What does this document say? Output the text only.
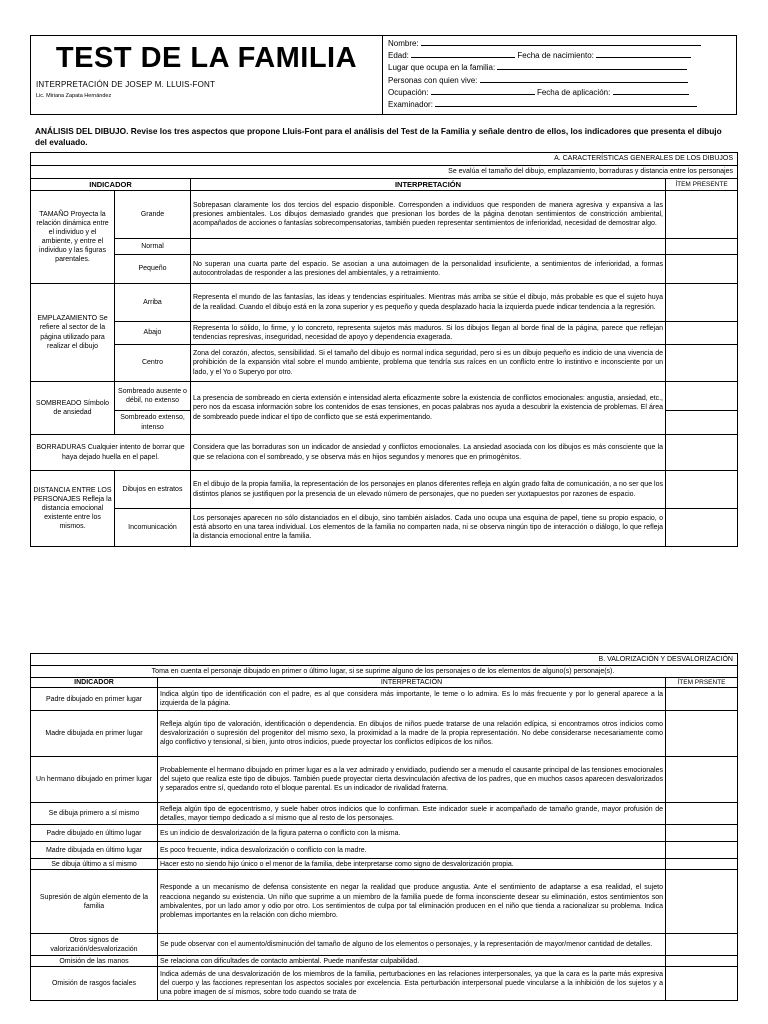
TEST DE LA FAMILIA
INTERPRETACIÓN DE JOSEP M. LLUIS-FONT
Lic. Miriana Zapata Hernández
Nombre:
Edad:	Fecha de nacimiento:
Lugar que ocupa en la familia:
Personas con quien vive:
Ocupación:	Fecha de aplicación:
Examinador:
ANÁLISIS DEL DIBUJO. Revise los tres aspectos que propone Lluis-Font para el análisis del Test de la Familia y señale dentro de ellos, los indicadores que presenta el dibujo del evaluado.
A. CARACTERÍSTICAS GENERALES DE LOS DIBUJOS			
Se evalúa el tamaño del dibujo, emplazamiento, borraduras y distancia entre los personajes			
INDICADOR		INTERPRETACIÓN	ÍTEM PRESENTE
TAMAÑO Proyecta la relación dinámica entre el individuo y el ambiente, y entre el individuo y las figuras parentales.	Grande	Sobrepasan claramente los dos tercios del espacio disponible. Corresponden a individuos que responden de manera agresiva y expansiva a las presiones ambientales. Los dibujos demasiado grandes que presionan los bordes de la página denotan sentimientos de constricción ambiental, acompañados de acciones o fantasías sobrecompensatorias, también pueden representar sentimientos de inferioridad, necesidad de demostrar algo.	
	Normal		
	Pequeño	No superan una cuarta parte del espacio. Se asocian a una autoimagen de la personalidad insuficiente, a sentimientos de inferioridad, a formas autocontroladas de responder a las presiones del ambientales, y a retraimiento.	
EMPLAZAMIENTO Se refiere al sector de la página utilizado para realizar el dibujo	Arriba	Representa el mundo de las fantasías, las ideas y tendencias espirituales. Mientras más arriba se sitúe el dibujo, más probable es que el sujeto huya de la realidad. Cuando el dibujo está en la zona superior y es pequeño y queda desplazado hacia la izquierda puede indicar tendencia a la regresión.	
	Abajo	Representa lo sólido, lo firme, y lo concreto, representa sujetos más maduros. Si los dibujos llegan al borde final de la página, parece que reflejan tendencias represivas, inseguridad, necesidad de apoyo y dependencia exagerada.	
	Centro	Zona del corazón, afectos, sensibilidad. Si el tamaño del dibujo es normal indica seguridad, pero si es un dibujo pequeño es indicio de una vivencia de prohibición de la expansión vital sobre el mundo ambiente, problema que tendría sus raíces en un conflicto entre lo instintivo e inconsciente por un lado, y el Yo o Superyo por otro.	
SOMBREADO Símbolo de ansiedad	Sombreado ausente o débil, no extenso	La presencia de sombreado en cierta extensión e intensidad alerta eficazmente sobre la existencia de conflictos emocionales: angustia, ansiedad, etc., pero nos da escasa información sobre los contenidos de esas tensiones, en pocas palabras nos ayuda a descubrir la existencia de problemas. El área de sombreado puede indicar el tipo de conflicto que se está experimentando.	
	Sombreado extenso, intenso		
BORRADURAS Cualquier intento de borrar que haya dejado huella en el papel.		Considera que las borraduras son un indicador de ansiedad y conflictos emocionales. La ansiedad asociada con los dibujos es más consciente que la que se relaciona con el sombreado, y se observa más en hijos segundos y menores que en primogénitos.	
DISTANCIA ENTRE LOS PERSONAJES Refleja la distancia emocional existente entre los mismos.	Dibujos en estratos	En el dibujo de la propia familia, la representación de los personajes en planos diferentes refleja en algún grado falta de comunicación, a no ser que los distintos planos se justifiquen por la presencia de un elevado número de personajes, que no pueden ser yuxtapuestos por razones de espacio.	
	Incomunicación	Los personajes aparecen no sólo distanciados en el dibujo, sino también aislados. Cada uno ocupa una esquina de papel, tiene su propio espacio, o está absorto en una tarea individual. Los elementos de la familia no comparten nada, ni se observa ningún tipo de interacción o diálogo, lo que refleja la distancia emocional entre la familia.	
B. VALORIZACIÓN Y DESVALORIZACIÓN		
Toma en cuenta el personaje dibujado en primer o último lugar, si se suprime alguno de los personajes o de los elementos de alguno(s) personaje(s).		
INDICADOR	INTERPRETACIÓN	ÍTEM PRSENTE
Padre dibujado en primer lugar	Indica algún tipo de identificación con el padre, es al que considera más importante, le teme o lo admira. Es lo más frecuente y por lo general aparece a la izquierda de la página.	
Madre dibujada en primer lugar	Refleja algún tipo de valoración, identificación o dependencia. En dibujos de niños puede tratarse de una relación edípica, si encontramos otros indicios como desvalorización o supresión del progenitor del mismo sexo, la proximidad a la madre de la propia representación. No debe considerarse necesariamente como algo conflictivo y tensional, si bien, junto otros indicios, puede proyectar los conflictos edípicos de los niños.	
Un hermano dibujado en primer lugar	Probablemente el hermano dibujado en primer lugar es a la vez admirado y envidiado, pudiendo ser a menudo el causante principal de las tensiones emocionales del sujeto que realiza este tipo de dibujos. También puede proyectar cierta desvinculación afectiva de los padres, que en muchos casos aparecen desvalorizados y separados entre sí, quedando roto el bloque parental. Es un indicador de rivalidad fraterna.	
Se dibuja primero a sí mismo	Refleja algún tipo de egocentrismo, y suele haber otros indicios que lo confirman. Este indicador suele ir acompañado de tamaño grande, mayor profusión de detalles, mayor tiempo dedicado a sí mismo que al resto de los personajes.	
Padre dibujado en último lugar	Es un indicio de desvalorización de la figura paterna o conflicto con la misma.	
Madre dibujada en último lugar	Es poco frecuente, indica desvalorización o conflicto con la madre.	
Se dibuja último a sí mismo	Hacer esto no siendo hijo único o el menor de la familia, debe interpretarse como signo de desvalorización propia.	
Supresión de algún elemento de la familia	Responde a un mecanismo de defensa consistente en negar la realidad que produce angustia. Ante el sentimiento de adaptarse a esa realidad, el sujeto reacciona negando su existencia. Un niño que suprime a un miembro de la familia puede de forma inconsciente desear su eliminación, estos sentimientos son ambivalentes, por un lado amor y odio por otro. Los sentimientos de culpa por tal eliminación producen en el niño que tienda a racionalizar su problema. Indica problemas importantes en la relación con dicho miembro.	
Otros signos de valorización/desvalorización	Se pude observar con el aumento/disminución del tamaño de alguno de los elementos o personajes, y la representación de mayor/menor cantidad de detalles.	
Omisión de las manos	Se relaciona con dificultades de contacto ambiental. Puede manifestar culpabilidad.	
Omisión de rasgos faciales	Indica además de una desvalorización de los miembros de la familia, perturbaciones en las relaciones interpersonales, ya que la cara es la parte más expresiva del cuerpo y las facciones representan los aspectos sociales por excelencia. Esta perturbación interpersonal puede vincularse a la inhibición de los sujetos y a una pobre imagen de sí mismos, sobre todo cuando se trata de	
